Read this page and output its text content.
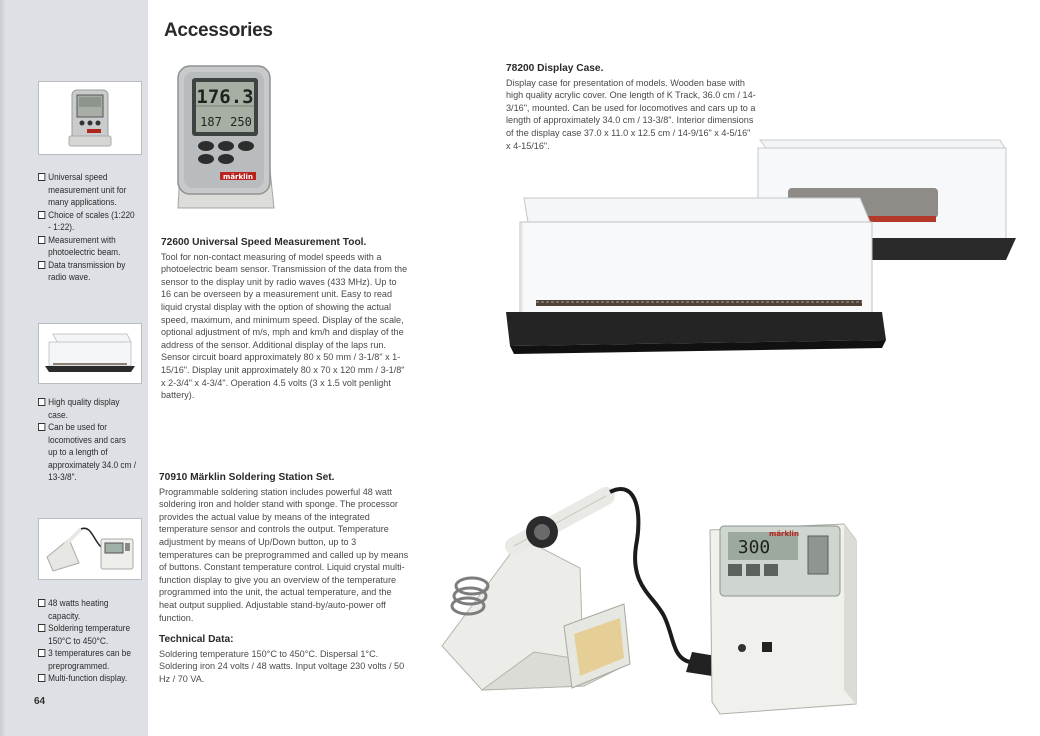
Universal speed measurement unit for many applications.
Choice of scales (1:220 - 1:22).
Measurement with photoelectric beam.
Data transmission by radio wave.
High quality display case.
Can be used for locomotives and cars up to a length of approximately 34.0 cm / 13-3/8".
48 watts heating capacity.
Soldering temperature 150°C to 450°C.
3 temperatures can be preprogrammed.
Multi-function display.
64
Accessories
176.3
187 250
märklin
72600 Universal Speed Measurement Tool.

Tool for non-contact measuring of model speeds with a photoelectric beam sensor. Transmission of the data from the sensor to the display unit by radio waves (433 MHz). Up to 16 can be overseen by a measurement unit. Easy to read liquid crystal display with the option of showing the actual speed, maximum, and minimum speed. Display of the scale, optional adjustment of m/s, mph and km/h and display of the address of the sensor. Additional display of the laps run. Sensor circuit board approximately 80 x 50 mm / 3-1/8" x 1-15/16". Display unit approximately 80 x 70 x 120 mm / 3-1/8" x 2-3/4" x 4-3/4". Operation 4.5 volts (3 x 1.5 volt penlight battery).

78200 Display Case.

Display case for presentation of models. Wooden base with high quality acrylic cover. One length of K Track, 36.0 cm / 14-3/16", mounted. Can be used for locomotives and cars up to a length of approximately 34.0 cm / 13-3/8". Interior dimensions of the display case 37.0 x 11.0 x 12.5 cm / 14-9/16" x 4-5/16" x 4-15/16".

70910 Märklin Soldering Station Set.

Programmable soldering station includes powerful 48 watt soldering iron and holder stand with sponge. The processor provides the actual value by means of the integrated temperature sensor and controls the output. Temperature adjustment by means of Up/Down button, up to 3 temperatures can be preprogrammed and called up by means of buttons. Constant temperature control. Liquid crystal multi-function display to give you an overview of the temperature programmed into the unit, the actual temperature, and the heat output supplied. Adjustable stand-by/auto-power off function.

Technical Data:

Soldering temperature 150°C to 450°C. Dispersal 1°C. Soldering iron 24 volts / 48 watts. Input voltage 230 volts / 50 Hz / 70 VA.

300
märklin
